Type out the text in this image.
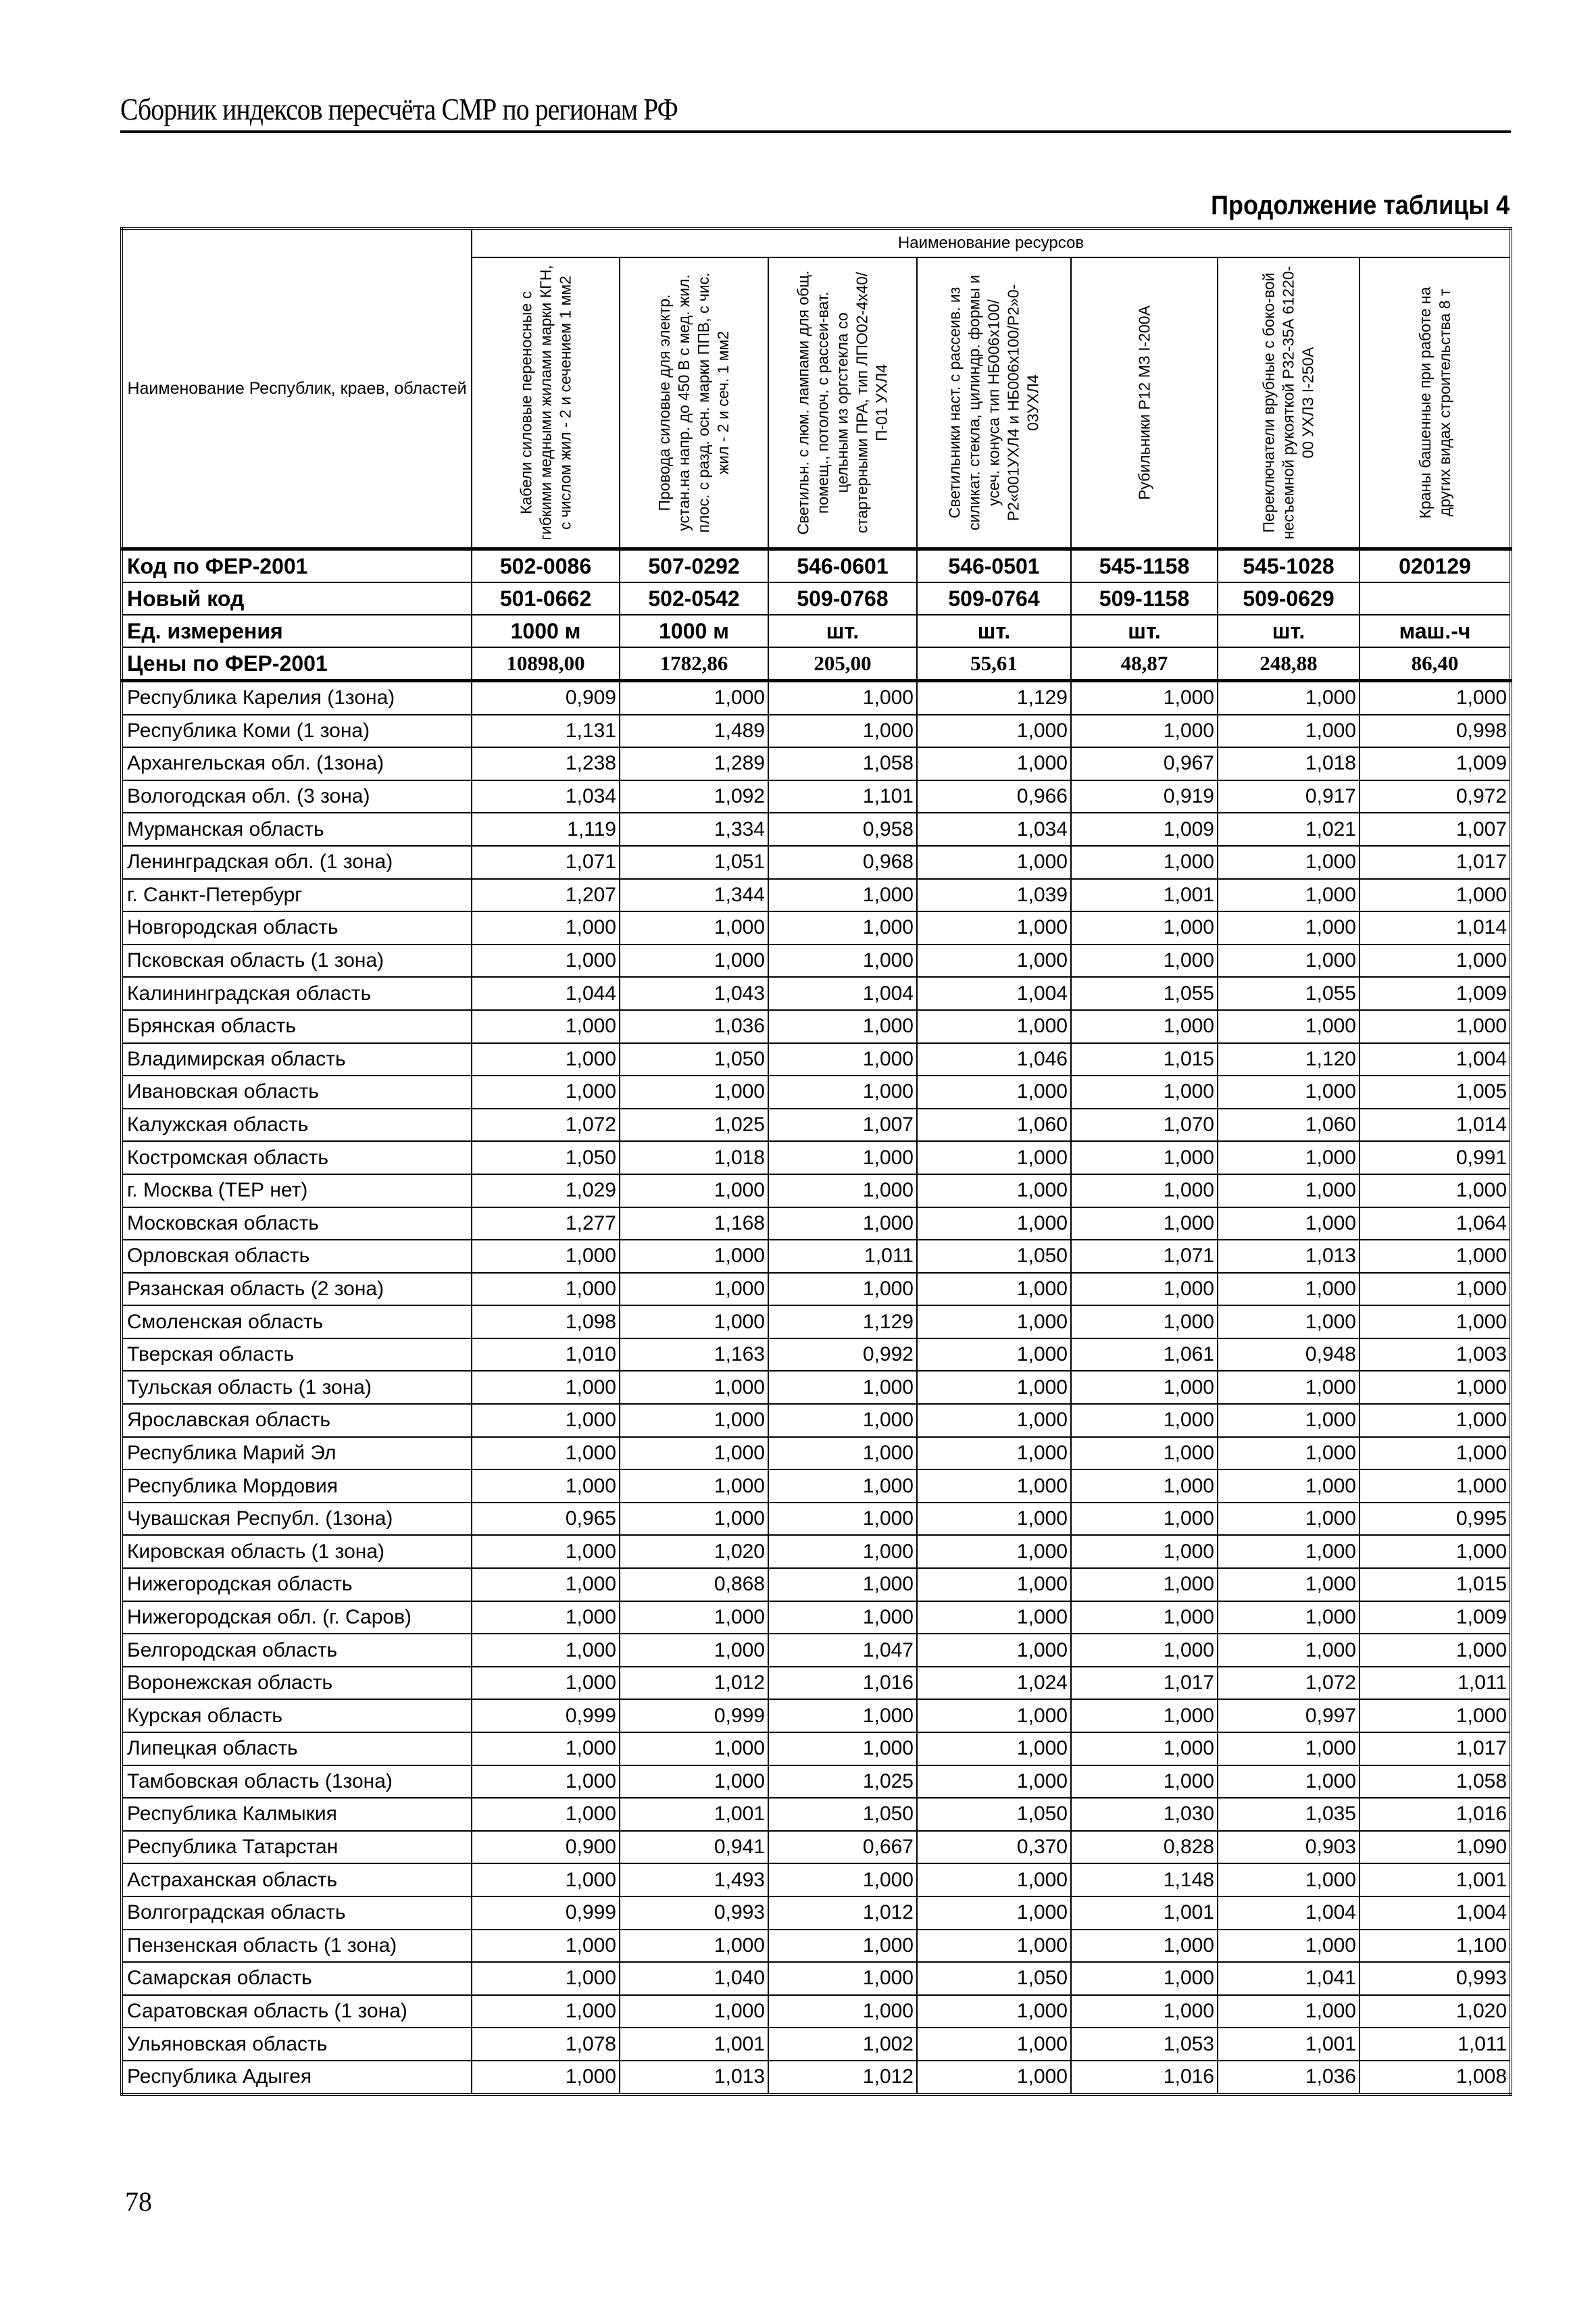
Сборник индексов пересчёта СМР по регионам РФ
Продолжение таблицы 4
Наименование Республик, краев, областей	Наименование ресурсов						

	Кабели силовые переносные с гибкими медными жилами марки КГН, с числом жил - 2 и сечением 1 мм2	Провода силовые для электр. устан.на напр. до 450 В с мед. жил. плос. с разд. осн. марки ППВ, с чис. жил - 2 и сеч. 1 мм2	Светильн. с люм. лампами для общ. помещ., потолоч. с рассеи-ват. цельным из оргстекла со стартерными ПРА, тип ЛПО02-4х40/П-01 УХЛ4	Светильники наст. с рассеив. из силикат. стекла, цилиндр. формы и усеч. конуса тип НБ006х100/Р2«001УХЛ4 и НБ006х100/Р2»0-03УХЛ4	Рубильники Р12 МЗ I-200А	Переключатели врубные с боко-вой несъемной рукояткой Р32-35А 61220-00 УХЛЗ I-250А	Краны башенные при работе на других видах строительства 8 т

Код по ФЕР-2001	502-0086	507-0292	546-0601	546-0501	545-1158	545-1028	020129
Новый код	501-0662	502-0542	509-0768	509-0764	509-1158	509-0629	
Ед. измерения	1000 м	1000 м	шт.	шт.	шт.	шт.	маш.-ч
Цены по ФЕР-2001	10898,00	1782,86	205,00	55,61	48,87	248,88	86,40
Республика Карелия (1зона)	0,909	1,000	1,000	1,129	1,000	1,000	1,000
Республика Коми (1 зона)	1,131	1,489	1,000	1,000	1,000	1,000	0,998
Архангельская обл. (1зона)	1,238	1,289	1,058	1,000	0,967	1,018	1,009
Вологодская обл. (3 зона)	1,034	1,092	1,101	0,966	0,919	0,917	0,972
Мурманская область	1,119	1,334	0,958	1,034	1,009	1,021	1,007
Ленинградская обл. (1 зона)	1,071	1,051	0,968	1,000	1,000	1,000	1,017
г. Санкт-Петербург	1,207	1,344	1,000	1,039	1,001	1,000	1,000
Новгородская область	1,000	1,000	1,000	1,000	1,000	1,000	1,014
Псковская область (1 зона)	1,000	1,000	1,000	1,000	1,000	1,000	1,000
Калининградская область	1,044	1,043	1,004	1,004	1,055	1,055	1,009
Брянская область	1,000	1,036	1,000	1,000	1,000	1,000	1,000
Владимирская область	1,000	1,050	1,000	1,046	1,015	1,120	1,004
Ивановская область	1,000	1,000	1,000	1,000	1,000	1,000	1,005
Калужская область	1,072	1,025	1,007	1,060	1,070	1,060	1,014
Костромская область	1,050	1,018	1,000	1,000	1,000	1,000	0,991
г. Москва (ТЕР нет)	1,029	1,000	1,000	1,000	1,000	1,000	1,000
Московская область	1,277	1,168	1,000	1,000	1,000	1,000	1,064
Орловская область	1,000	1,000	1,011	1,050	1,071	1,013	1,000
Рязанская область (2 зона)	1,000	1,000	1,000	1,000	1,000	1,000	1,000
Смоленская область	1,098	1,000	1,129	1,000	1,000	1,000	1,000
Тверская область	1,010	1,163	0,992	1,000	1,061	0,948	1,003
Тульская область (1 зона)	1,000	1,000	1,000	1,000	1,000	1,000	1,000
Ярославская область	1,000	1,000	1,000	1,000	1,000	1,000	1,000
Республика Марий Эл	1,000	1,000	1,000	1,000	1,000	1,000	1,000
Республика Мордовия	1,000	1,000	1,000	1,000	1,000	1,000	1,000
Чувашская Республ. (1зона)	0,965	1,000	1,000	1,000	1,000	1,000	0,995
Кировская область (1 зона)	1,000	1,020	1,000	1,000	1,000	1,000	1,000
Нижегородская область	1,000	0,868	1,000	1,000	1,000	1,000	1,015
Нижегородская обл. (г. Саров)	1,000	1,000	1,000	1,000	1,000	1,000	1,009
Белгородская область	1,000	1,000	1,047	1,000	1,000	1,000	1,000
Воронежская область	1,000	1,012	1,016	1,024	1,017	1,072	1,011
Курская область	0,999	0,999	1,000	1,000	1,000	0,997	1,000
Липецкая область	1,000	1,000	1,000	1,000	1,000	1,000	1,017
Тамбовская область (1зона)	1,000	1,000	1,025	1,000	1,000	1,000	1,058
Республика Калмыкия	1,000	1,001	1,050	1,050	1,030	1,035	1,016
Республика Татарстан	0,900	0,941	0,667	0,370	0,828	0,903	1,090
Астраханская область	1,000	1,493	1,000	1,000	1,148	1,000	1,001
Волгоградская область	0,999	0,993	1,012	1,000	1,001	1,004	1,004
Пензенская область (1 зона)	1,000	1,000	1,000	1,000	1,000	1,000	1,100
Самарская область	1,000	1,040	1,000	1,050	1,000	1,041	0,993
Саратовская область (1 зона)	1,000	1,000	1,000	1,000	1,000	1,000	1,020
Ульяновская область	1,078	1,001	1,002	1,000	1,053	1,001	1,011
Республика Адыгея	1,000	1,013	1,012	1,000	1,016	1,036	1,008
78
